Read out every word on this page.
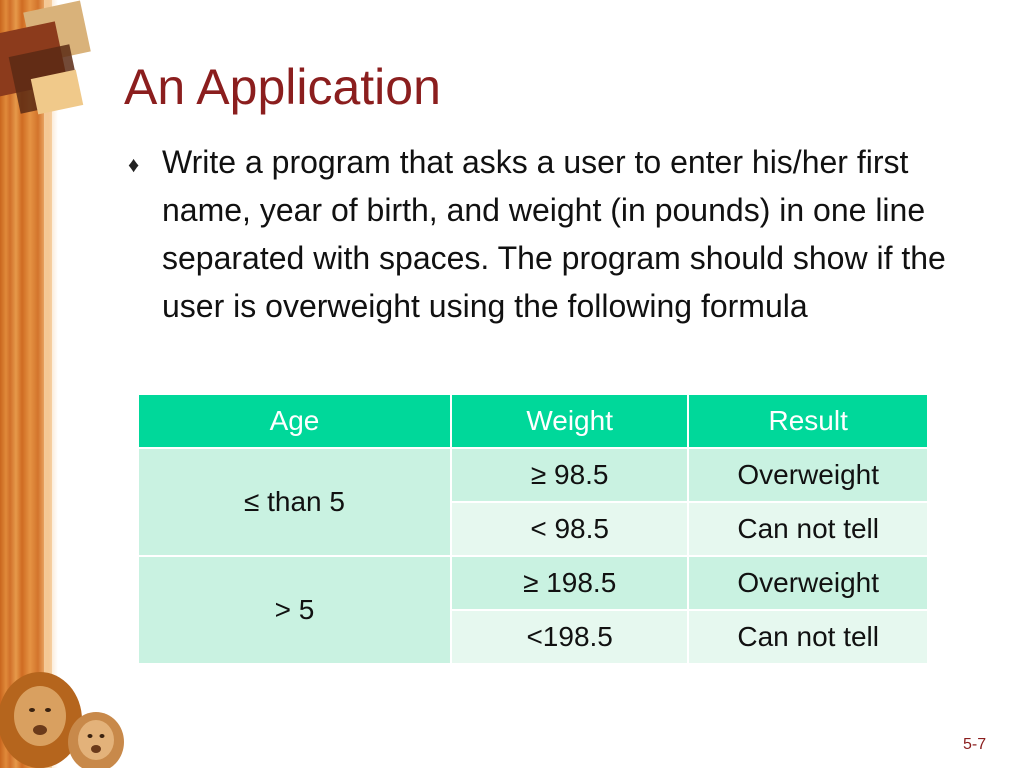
An Application
♦ Write a program that asks a user to enter his/her first name, year of birth, and weight (in pounds) in one line separated with spaces. The program should show if the user is overweight using the following formula
Age	Weight	Result
≤ than 5	≥ 98.5	Overweight
	< 98.5	Can not tell
> 5	≥ 198.5	Overweight
	<198.5	Can not tell
5-7
